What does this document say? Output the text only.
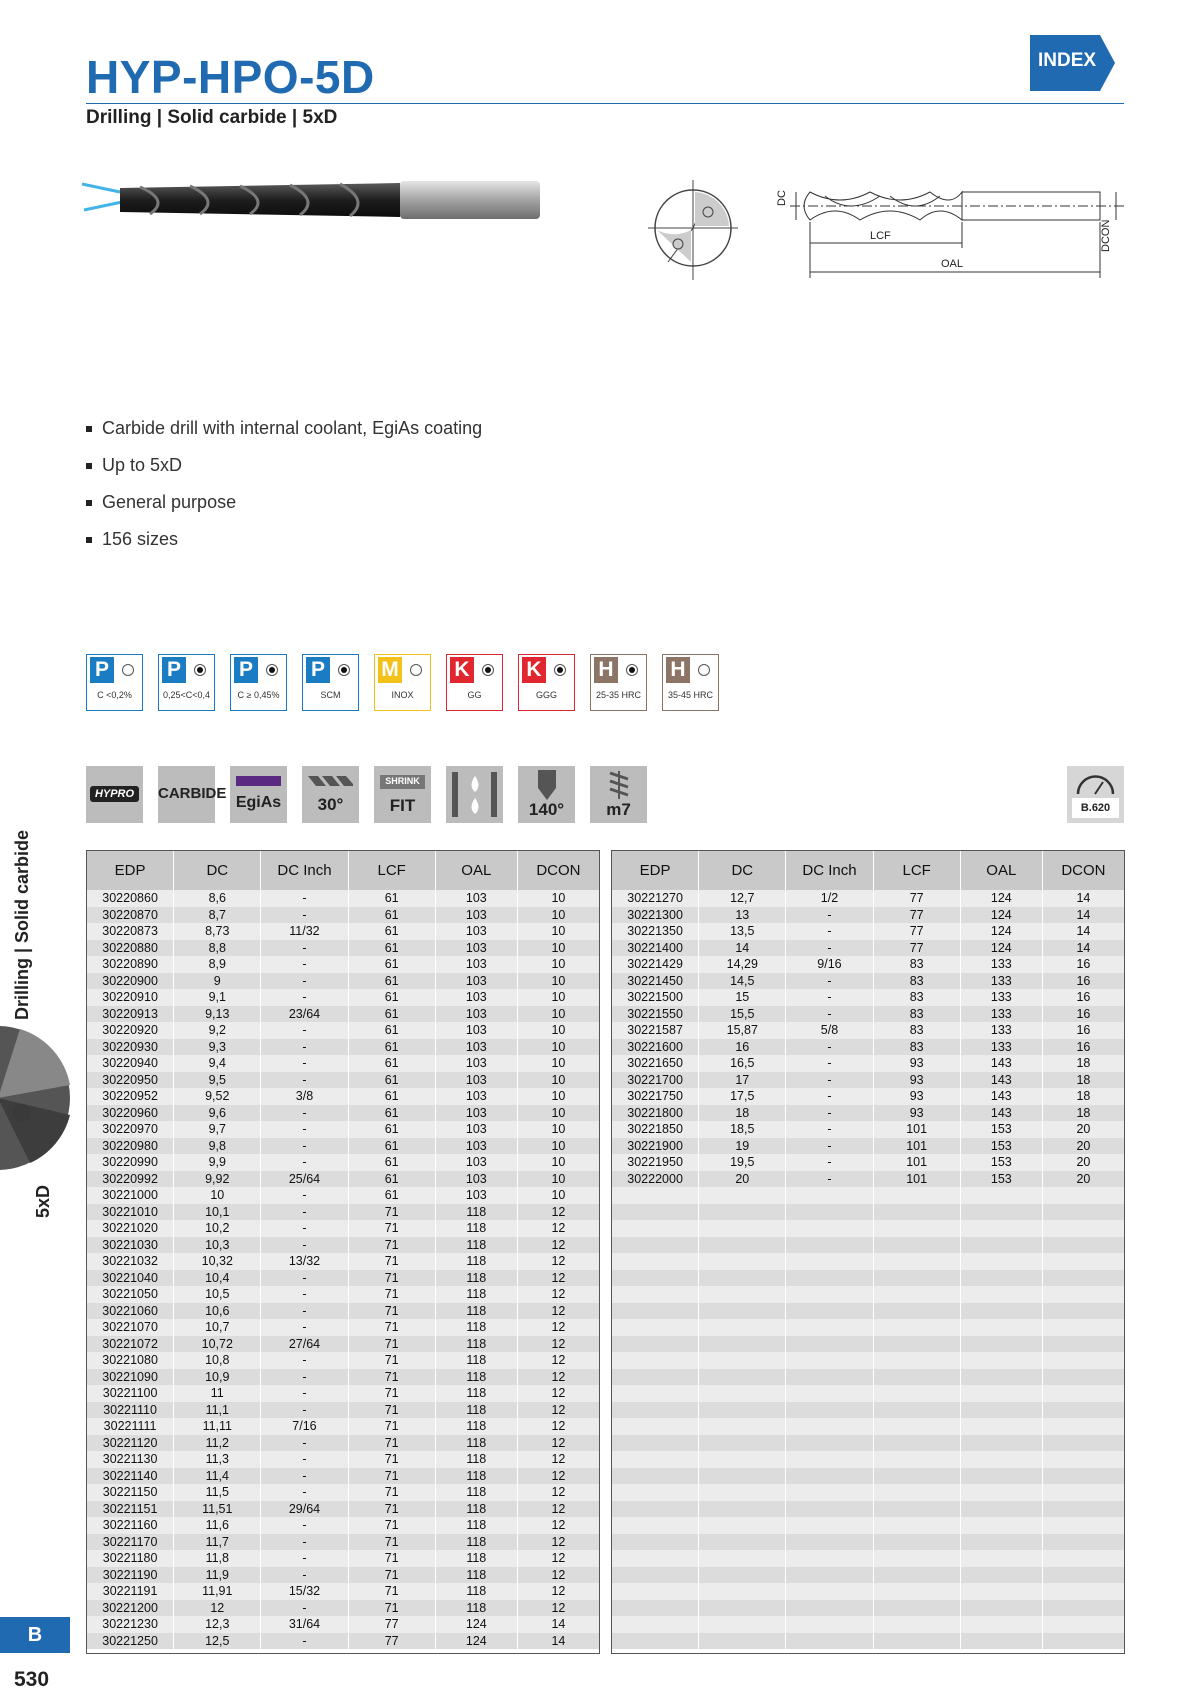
HYP-HPO-5D
Drilling | Solid carbide | 5xD
INDEX
DC
LCF
OAL
DCON
Carbide drill with internal coolant, EgiAs coating
Up to 5xD
General purpose
156 sizes
P
C <0,2%
P
0,25<C<0,4
P
C ≥ 0,45%
P
SCM
M
INOX
K
GG
K
GGG
H
25-35 HRC
H
35-45 HRC
HYPRO	CARBIDE
EgiAs	30°
SHRINK
FIT	140°	m7	B.620
Drilling | Solid carbide
5xD
B
530
EDP	DC	DC Inch	LCF	OAL	DCON
30220860	8,6	-	61	103	10
30220870	8,7	-	61	103	10
30220873	8,73	11/32	61	103	10
30220880	8,8	-	61	103	10
30220890	8,9	-	61	103	10
30220900	9	-	61	103	10
30220910	9,1	-	61	103	10
30220913	9,13	23/64	61	103	10
30220920	9,2	-	61	103	10
30220930	9,3	-	61	103	10
30220940	9,4	-	61	103	10
30220950	9,5	-	61	103	10
30220952	9,52	3/8	61	103	10
30220960	9,6	-	61	103	10
30220970	9,7	-	61	103	10
30220980	9,8	-	61	103	10
30220990	9,9	-	61	103	10
30220992	9,92	25/64	61	103	10
30221000	10	-	61	103	10
30221010	10,1	-	71	118	12
30221020	10,2	-	71	118	12
30221030	10,3	-	71	118	12
30221032	10,32	13/32	71	118	12
30221040	10,4	-	71	118	12
30221050	10,5	-	71	118	12
30221060	10,6	-	71	118	12
30221070	10,7	-	71	118	12
30221072	10,72	27/64	71	118	12
30221080	10,8	-	71	118	12
30221090	10,9	-	71	118	12
30221100	11	-	71	118	12
30221110	11,1	-	71	118	12
30221111	11,11	7/16	71	118	12
30221120	11,2	-	71	118	12
30221130	11,3	-	71	118	12
30221140	11,4	-	71	118	12
30221150	11,5	-	71	118	12
30221151	11,51	29/64	71	118	12
30221160	11,6	-	71	118	12
30221170	11,7	-	71	118	12
30221180	11,8	-	71	118	12
30221190	11,9	-	71	118	12
30221191	11,91	15/32	71	118	12
30221200	12	-	71	118	12
30221230	12,3	31/64	77	124	14
30221250	12,5	-	77	124	14
EDP	DC	DC Inch	LCF	OAL	DCON
30221270	12,7	1/2	77	124	14
30221300	13	-	77	124	14
30221350	13,5	-	77	124	14
30221400	14	-	77	124	14
30221429	14,29	9/16	83	133	16
30221450	14,5	-	83	133	16
30221500	15	-	83	133	16
30221550	15,5	-	83	133	16
30221587	15,87	5/8	83	133	16
30221600	16	-	83	133	16
30221650	16,5	-	93	143	18
30221700	17	-	93	143	18
30221750	17,5	-	93	143	18
30221800	18	-	93	143	18
30221850	18,5	-	101	153	20
30221900	19	-	101	153	20
30221950	19,5	-	101	153	20
30222000	20	-	101	153	20
